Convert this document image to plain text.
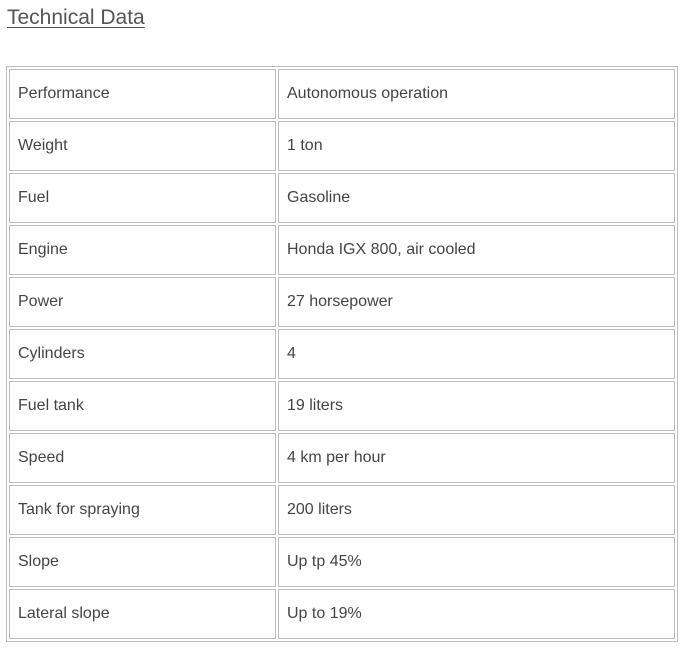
Technical Data
Performance	Autonomous operation
Weight	1 ton
Fuel	Gasoline
Engine	Honda IGX 800, air cooled
Power	27 horsepower
Cylinders	4
Fuel tank	19 liters
Speed	4 km per hour
Tank for spraying	200 liters
Slope	Up tp 45%
Lateral slope	Up to 19%
